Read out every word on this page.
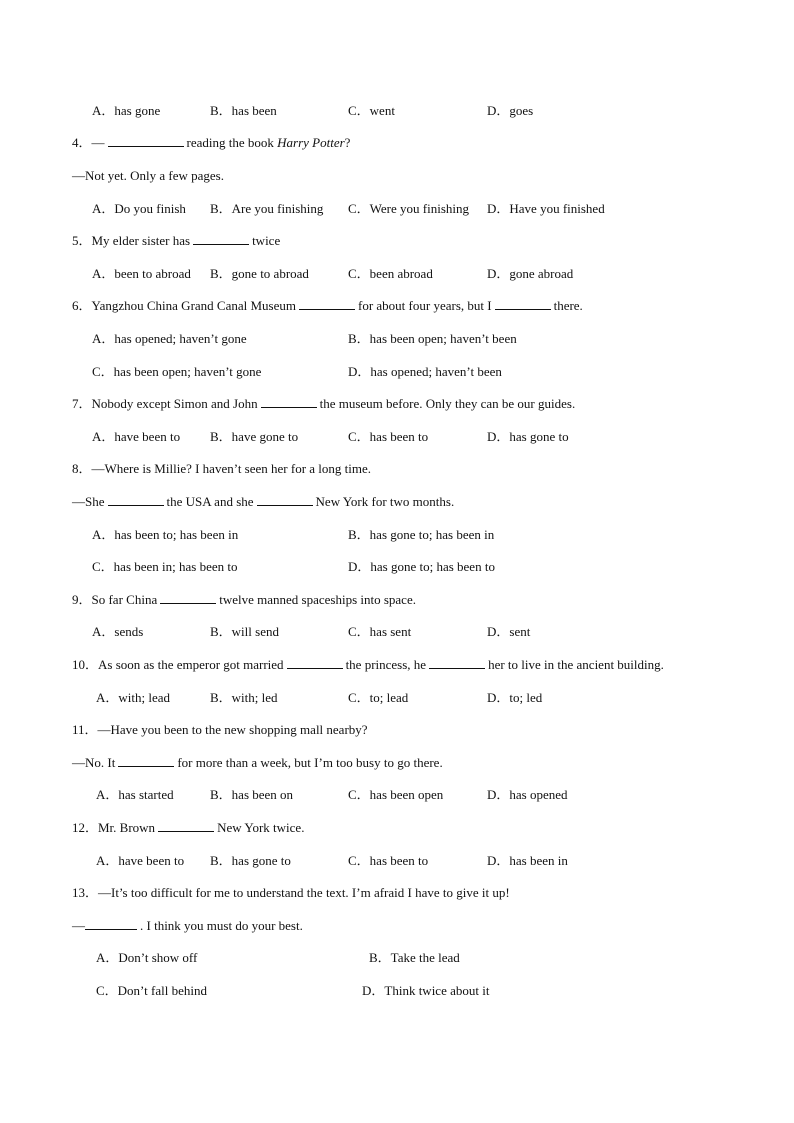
A．has gone	B．has been	C．went	D．goes
4．—	reading the book Harry Potter?
—Not yet. Only a few pages.
A．Do you finish B．Are you finishing C．Were you finishing D．Have you finished
5．My elder sister has	twice
A．been to abroad B．gone to abroad	C．been abroad	D．gone abroad
6．Yangzhou China Grand Canal Museum	for about four years, but I	there.
A．has opened; haven’t gone	B．has been open; haven’t been
C．has been open; haven’t gone	D．has opened; haven’t been
7．Nobody except Simon and John	the museum before. Only they can be our guides.
A．have been to B．have gone to	C．has been to	D．has gone to
8．—Where is Millie? I haven’t seen her for a long time.
—She	the USA and she	New York for two months.
A．has been to; has been in	B．has gone to; has been in
C．has been in; has been to	D．has gone to; has been to
9．So far China	twelve manned spaceships into space.
A．sends	B．will send	C．has sent	D．sent
10．As soon as the emperor got married	the princess, he	her to live in the ancient building.
A．with; lead	B．with; led	C．to; lead	D．to; led
11．—Have you been to the new shopping mall nearby?
—No. It	for more than a week, but I’m too busy to go there.
A．has started	B．has been on	C．has been open	D．has opened
12．Mr. Brown	New York twice.
A．have been to B．has gone to	C．has been to	D．has been in
13．—It’s too difficult for me to understand the text. I’m afraid I have to give it up!
—	. I think you must do your best.
A．Don’t show off	B．Take the lead
C．Don’t fall behind	D．Think twice about it
